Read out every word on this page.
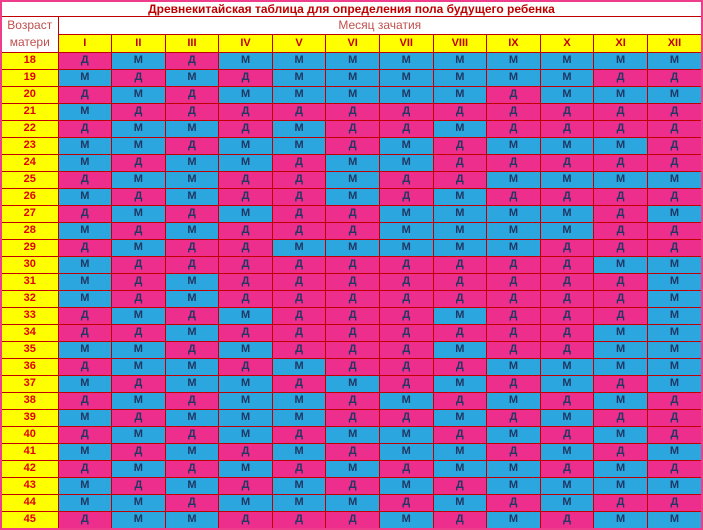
Древнекитайская таблица для определения пола будущего ребенка												

Возраст
матери	Месяц зачатия											
	I	II	III	IV	V	VI	VII	VIII	IX	X	XI	XII
18	Д	М	Д	М	М	М	М	М	М	М	М	М
19	М	Д	М	Д	М	М	М	М	М	М	Д	Д
20	Д	М	Д	М	М	М	М	М	Д	М	М	М
21	М	Д	Д	Д	Д	Д	Д	Д	Д	Д	Д	Д
22	Д	М	М	Д	М	Д	Д	М	Д	Д	Д	Д
23	М	М	Д	М	М	Д	М	Д	М	М	М	Д
24	М	Д	М	М	Д	М	М	Д	Д	Д	Д	Д
25	Д	М	М	Д	Д	М	Д	Д	М	М	М	М
26	М	Д	М	Д	Д	М	Д	М	Д	Д	Д	Д
27	Д	М	Д	М	Д	Д	М	М	М	М	Д	М
28	М	Д	М	Д	Д	Д	М	М	М	М	Д	Д
29	Д	М	Д	Д	М	М	М	М	М	Д	Д	Д
30	М	Д	Д	Д	Д	Д	Д	Д	Д	Д	М	М
31	М	Д	М	Д	Д	Д	Д	Д	Д	Д	Д	М
32	М	Д	М	Д	Д	Д	Д	Д	Д	Д	Д	М
33	Д	М	Д	М	Д	Д	Д	М	Д	Д	Д	М
34	Д	Д	М	Д	Д	Д	Д	Д	Д	Д	М	М
35	М	М	Д	М	Д	Д	Д	М	Д	Д	М	М
36	Д	М	М	Д	М	Д	Д	Д	М	М	М	М
37	М	Д	М	М	Д	М	Д	М	Д	М	Д	М
38	Д	М	Д	М	М	Д	М	Д	М	Д	М	Д
39	М	Д	М	М	М	Д	Д	М	Д	М	Д	Д
40	Д	М	Д	М	Д	М	М	Д	М	Д	М	Д
41	М	Д	М	Д	М	Д	М	М	Д	М	Д	М
42	Д	М	Д	М	Д	М	Д	М	М	Д	М	Д
43	М	Д	М	Д	М	Д	М	Д	М	М	М	М
44	М	М	Д	М	М	М	Д	М	Д	М	Д	Д
45	Д	М	М	Д	Д	Д	М	Д	М	Д	М	М
